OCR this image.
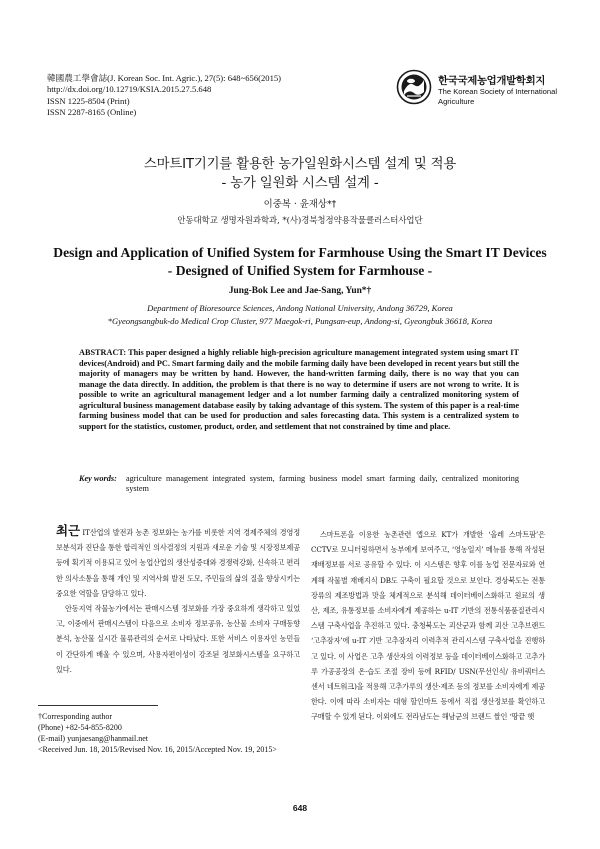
韓國農工學會誌(J. Korean Soc. Int. Agric.), 27(5): 648~656(2015)
http://dx.doi.org/10.12719/KSIA.2015.27.5.648
ISSN 1225-8504 (Print)
ISSN 2287-8165 (Online)
한국국제농업개발학회지
The Korean Society of International
Agriculture
스마트IT기기를 활용한 농가일원화시스템 설계 및 적용
- 농가 일원화 시스템 설계 -
이중복 · 윤재상*†
안동대학교 생명자원과학과, *(사)경북청정약용작물클러스터사업단
Design and Application of Unified System for Farmhouse Using the Smart IT Devices
- Designed of Unified System for Farmhouse -
Jung-Bok Lee and Jae-Sang, Yun*†
Department of Bioresource Sciences, Andong National University, Andong 36729, Korea
*Gyeongsangbuk-do Medical Crop Cluster, 977 Maegok-ri, Pungsan-eup, Andong-si, Gyeongbuk 36618, Korea
ABSTRACT: This paper designed a highly reliable high-precision agriculture management integrated system using smart IT devices(Android) and PC. Smart farming daily and the mobile farming daily have been developed in recent years but still the majority of managers may be written by hand. However, the hand-written farming daily, there is no way that you can manage the data directly. In addition, the problem is that there is no way to determine if users are not wrong to write. It is possible to write an agricultural management ledger and a lot number farming daily a centralized monitoring system of agricultural business management database easily by taking advantage of this system. The system of this paper is a real-time farming business model that can be used for production and sales forecasting data. This system is a centralized system to support for the statistics, customer, product, order, and settlement that not constrained by time and place.
Key words: agriculture management integrated system, farming business model smart farming daily, centralized monitoring system

최근 IT산업의 발전과 농촌 정보화는 농가를 비롯한 지역 경제주체의 경영정보분석과 진단을 통한 합리적인 의사결정의 지원과 새로운 기술 및 시장정보제공 등에 획기적 이용되고 있어 농업산업의 생산성증대와 경쟁력강화, 신속하고 편리한 의사소통을 통해 개인 및 지역사회 발전 도모, 주민들의 삶의 질을 향상시키는 중요한 역할을 담당하고 있다.

안동지역 작물농가에서는 판매시스템 정보화를 가장 중요하게 생각하고 있었고, 이중에서 판매시스템이 다음으로 소비자 정보공유, 농산물 소비자 구매동향분석, 농산물 실시간 물류관리의 순서로 나타났다. 또한 서비스 이용자인 농민들이 간단하게 배울 수 있으며, 사용자편이성이 강조된 정보화시스템을 요구하고 있다.

스마트폰을 이용한 농촌관련 앱으로 KT가 개발한 ‘올레 스마트팜’은 CCTV로 모니터링하면서 농부에게 보여주고, ‘영농일지’ 메뉴를 통해 작성된 재배정보를 서로 공유할 수 있다. 이 시스템은 향후 이를 농업 전문자료와 연계해 작물별 재배지식 DB도 구축이 필요할 것으로 보인다. 경상북도는 전통 장류의 제조방법과 맛을 체계적으로 분석해 데이터베이스화하고 원료의 생산, 제조, 유통정보를 소비자에게 제공하는 u-IT 기반의 전통식품품질관리시스템 구축사업을 추진하고 있다. 충청북도는 괴산군과 함께 괴산 고추브랜드 ‘고추잠자’에 u-IT 기반 고추잠자리 이력추적 관리시스템 구축사업을 진행하고 있다. 이 사업은 고추 생산자의 이력정보 등을 데이터베이스화하고 고추가루 가공공장의 온·습도 조절 장비 등에 RFID/ USN(무선인식/ 유비쿼터스 센서 네트워크)을 적용해 고추가루의 생산·제조 등의 정보를 소비자에게 제공한다. 이에 따라 소비자는 대형 할인마트 등에서 직접 생산정보를 확인하고 구매할 수 있게 된다. 이외에도 전라남도는 해남군의 브랜드 쌀인 ‘땅끝 햇

†Corresponding author
(Phone) +82-54-855-8200
(E-mail) yunjaesang@hanmail.net
<Received Jun. 18, 2015/Revised Nov. 16, 2015/Accepted Nov. 19, 2015>
648
